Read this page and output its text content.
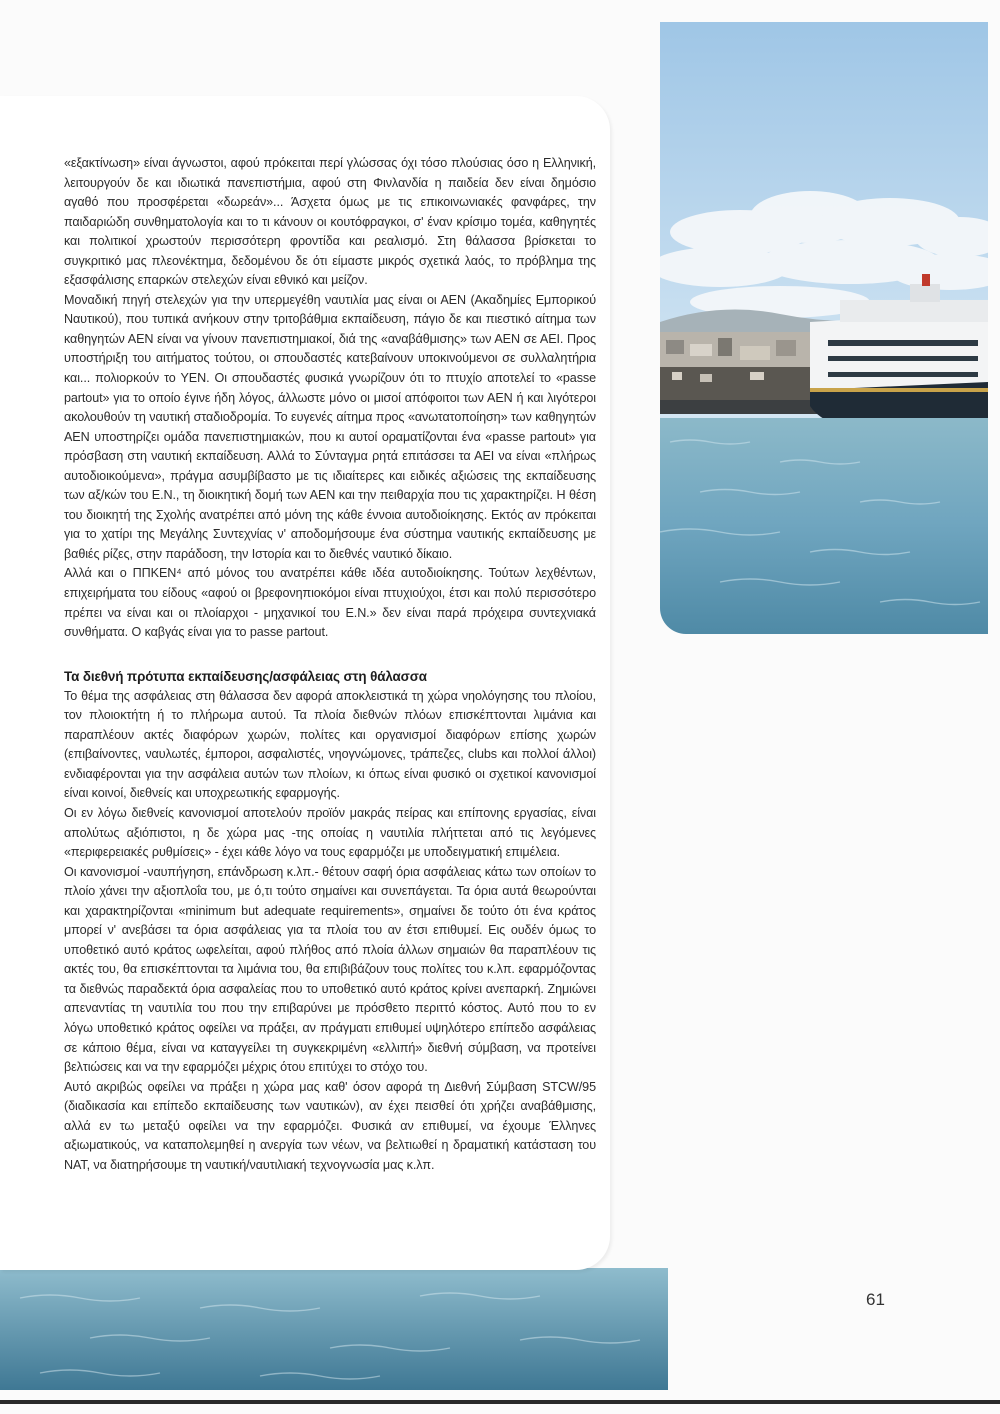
«εξακτίνωση» είναι άγνωστοι, αφού πρόκειται περί γλώσσας όχι τόσο πλούσιας όσο η Ελληνική, λειτουργούν δε και ιδιωτικά πανεπιστήμια, αφού στη Φινλανδία η παιδεία δεν είναι δημόσιο αγαθό που προσφέρεται «δωρεάν»... Άσχετα όμως με τις επικοινωνιακές φανφάρες, την παιδαριώδη συνθηματολογία και το τι κάνουν οι κουτόφραγκοι, σ' έναν κρίσιμο τομέα, καθηγητές και πολιτικοί χρωστούν περισσότερη φροντίδα και ρεαλισμό. Στη θάλασσα βρίσκεται το συγκριτικό μας πλεονέκτημα, δεδομένου δε ότι είμαστε μικρός σχετικά λαός, το πρόβλημα της εξασφάλισης επαρκών στελεχών είναι εθνικό και μείζον.

Μοναδική πηγή στελεχών για την υπερμεγέθη ναυτιλία μας είναι οι ΑΕΝ (Ακαδημίες Εμπορικού Ναυτικού), που τυπικά ανήκουν στην τριτοβάθμια εκπαίδευση, πάγιο δε και πιεστικό αίτημα των καθηγητών ΑΕΝ είναι να γίνουν πανεπιστημιακοί, διά της «αναβάθμισης» των ΑΕΝ σε ΑΕΙ. Προς υποστήριξη του αιτήματος τούτου, οι σπουδαστές κατεβαίνουν υποκινούμενοι σε συλλαλητήρια και... πολιορκούν το ΥΕΝ. Οι σπουδαστές φυσικά γνωρίζουν ότι το πτυχίο αποτελεί το «passe partout» για το οποίο έγινε ήδη λόγος, άλλωστε μόνο οι μισοί απόφοιτοι των ΑΕΝ ή και λιγότεροι ακολουθούν τη ναυτική σταδιοδρομία. Το ευγενές αίτημα προς «ανωτατοποίηση» των καθηγητών ΑΕΝ υποστηρίζει ομάδα πανεπιστημιακών, που κι αυτοί οραματίζονται ένα «passe partout» για πρόσβαση στη ναυτική εκπαίδευση. Αλλά το Σύνταγμα ρητά επιτάσσει τα ΑΕΙ να είναι «πλήρως αυτοδιοικούμενα», πράγμα ασυμβίβαστο με τις ιδιαίτερες και ειδικές αξιώσεις της εκπαίδευσης των αξ/κών του Ε.Ν., τη διοικητική δομή των ΑΕΝ και την πειθαρχία που τις χαρακτηρίζει. Η θέση του διοικητή της Σχολής ανατρέπει από μόνη της κάθε έννοια αυτοδιοίκησης. Εκτός αν πρόκειται για το χατίρι της Μεγάλης Συντεχνίας ν' αποδομήσουμε ένα σύστημα ναυτικής εκπαίδευσης με βαθιές ρίζες, στην παράδοση, την Ιστορία και το διεθνές ναυτικό δίκαιο.

Αλλά και ο ΠΠΚΕΝ⁴ από μόνος του ανατρέπει κάθε ιδέα αυτοδιοίκησης. Τούτων λεχθέντων, επιχειρήματα του είδους «αφού οι βρεφονηπιοκόμοι είναι πτυχιούχοι, έτσι και πολύ περισσότερο πρέπει να είναι και οι πλοίαρχοι - μηχανικοί του Ε.Ν.» δεν είναι παρά πρόχειρα συντεχνιακά συνθήματα. Ο καβγάς είναι για το passe partout.

Τα διεθνή πρότυπα εκπαίδευσης/ασφάλειας στη θάλασσα

Το θέμα της ασφάλειας στη θάλασσα δεν αφορά αποκλειστικά τη χώρα νηολόγησης του πλοίου, τον πλοιοκτήτη ή το πλήρωμα αυτού. Τα πλοία διεθνών πλόων επισκέπτονται λιμάνια και παραπλέουν ακτές διαφόρων χωρών, πολίτες και οργανισμοί διαφόρων επίσης χωρών (επιβαίνοντες, ναυλωτές, έμποροι, ασφαλιστές, νηογνώμονες, τράπεζες, clubs και πολλοί άλλοι) ενδιαφέρονται για την ασφάλεια αυτών των πλοίων, κι όπως είναι φυσικό οι σχετικοί κανονισμοί είναι κοινοί, διεθνείς και υποχρεωτικής εφαρμογής.

Οι εν λόγω διεθνείς κανονισμοί αποτελούν προϊόν μακράς πείρας και επίπονης εργασίας, είναι απολύτως αξιόπιστοι, η δε χώρα μας -της οποίας η ναυτιλία πλήττεται από τις λεγόμενες «περιφερειακές ρυθμίσεις» - έχει κάθε λόγο να τους εφαρμόζει με υποδειγματική επιμέλεια.

Οι κανονισμοί -ναυπήγηση, επάνδρωση κ.λπ.- θέτουν σαφή όρια ασφάλειας κάτω των οποίων το πλοίο χάνει την αξιοπλοΐα του, με ό,τι τούτο σημαίνει και συνεπάγεται. Τα όρια αυτά θεωρούνται και χαρακτηρίζονται «minimum but adequate requirements», σημαίνει δε τούτο ότι ένα κράτος μπορεί ν' ανεβάσει τα όρια ασφάλειας για τα πλοία του αν έτσι επιθυμεί. Εις ουδέν όμως το υποθετικό αυτό κράτος ωφελείται, αφού πλήθος από πλοία άλλων σημαιών θα παραπλέουν τις ακτές του, θα επισκέπτονται τα λιμάνια του, θα επιβιβάζουν τους πολίτες του κ.λπ. εφαρμόζοντας τα διεθνώς παραδεκτά όρια ασφαλείας που το υποθετικό αυτό κράτος κρίνει ανεπαρκή. Ζημιώνει απεναντίας τη ναυτιλία του που την επιβαρύνει με πρόσθετο περιττό κόστος. Αυτό που το εν λόγω υποθετικό κράτος οφείλει να πράξει, αν πράγματι επιθυμεί υψηλότερο επίπεδο ασφάλειας σε κάποιο θέμα, είναι να καταγγείλει τη συγκεκριμένη «ελλιπή» διεθνή σύμβαση, να προτείνει βελτιώσεις και να την εφαρμόζει μέχρις ότου επιτύχει το στόχο του.

Αυτό ακριβώς οφείλει να πράξει η χώρα μας καθ' όσον αφορά τη Διεθνή Σύμβαση STCW/95 (διαδικασία και επίπεδο εκπαίδευσης των ναυτικών), αν έχει πεισθεί ότι χρήζει αναβάθμισης, αλλά εν τω μεταξύ οφείλει να την εφαρμόζει. Φυσικά αν επιθυμεί, να έχουμε Έλληνες αξιωματικούς, να καταπολεμηθεί η ανεργία των νέων, να βελτιωθεί η δραματική κατάσταση του ΝΑΤ, να διατηρήσουμε τη ναυτική/ναυτιλιακή τεχνογνωσία μας κ.λπ.

61
